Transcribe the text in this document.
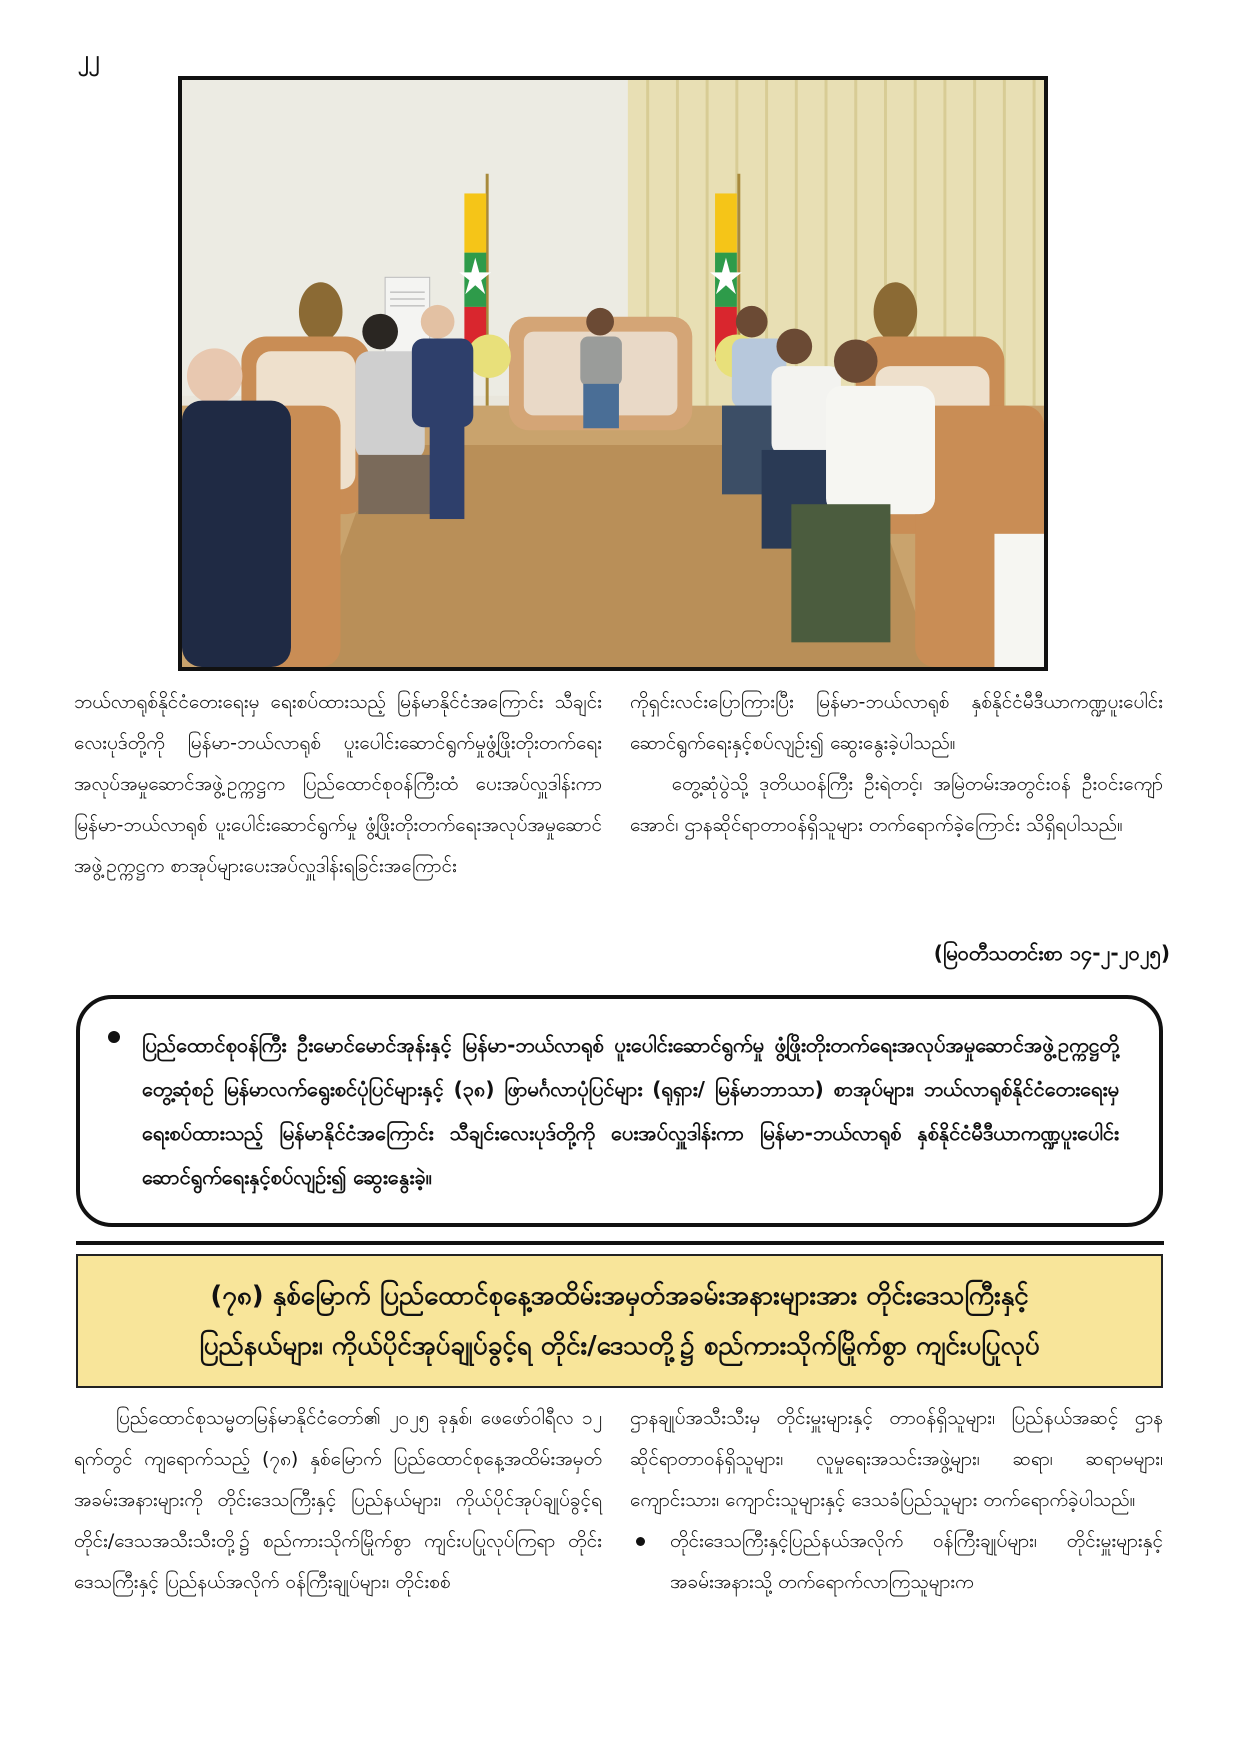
၂၂

ဘယ်လာရုစ်နိုင်ငံတေးရေးမှ ရေးစပ်ထားသည့် မြန်မာနိုင်ငံအကြောင်း သီချင်းလေးပုဒ်တို့ကို မြန်မာ-ဘယ်လာရုစ် ပူးပေါင်းဆောင်ရွက်မှုဖွံ့ဖြိုးတိုးတက်ရေး အလုပ်အမှုဆောင်အဖွဲ့ဥက္ကဋ္ဌက ပြည်ထောင်စုဝန်ကြီးထံ ပေးအပ်လှူဒါန်းကာ မြန်မာ-ဘယ်လာရုစ် ပူးပေါင်းဆောင်ရွက်မှု ဖွံ့ဖြိုးတိုးတက်ရေးအလုပ်အမှုဆောင်အဖွဲ့ဥက္ကဋ္ဌက စာအုပ်များပေးအပ်လှူဒါန်းရခြင်းအကြောင်း

ကိုရှင်းလင်းပြောကြားပြီး မြန်မာ-ဘယ်လာရုစ် နှစ်နိုင်ငံမီဒီယာကဏ္ဍပူးပေါင်းဆောင်ရွက်ရေးနှင့်စပ်လျဉ်း၍ ဆွေးနွေးခဲ့ပါသည်။

တွေ့ဆုံပွဲသို့ ဒုတိယဝန်ကြီး ဦးရဲတင့်၊ အမြဲတမ်းအတွင်းဝန် ဦးဝင်းကျော်အောင်၊ ဌာနဆိုင်ရာတာဝန်ရှိသူများ တက်ရောက်ခဲ့ကြောင်း သိရှိရပါသည်။

(မြဝတီသတင်းစာ ၁၄-၂-၂၀၂၅)

ပြည်ထောင်စုဝန်ကြီး ဦးမောင်မောင်အုန်းနှင့် မြန်မာ-ဘယ်လာရုစ် ပူးပေါင်းဆောင်ရွက်မှု ဖွံ့ဖြိုးတိုးတက်ရေးအလုပ်အမှုဆောင်အဖွဲ့ဥက္ကဋ္ဌတို့တွေ့ဆုံစဉ် မြန်မာလက်ရွေးစင်ပုံပြင်များနှင့် (၃၈) ဖြာမင်္ဂလာပုံပြင်များ (ရုရှား/ မြန်မာဘာသာ) စာအုပ်များ၊ ဘယ်လာရုစ်နိုင်ငံတေးရေးမှ ရေးစပ်ထားသည့် မြန်မာနိုင်ငံအကြောင်း သီချင်းလေးပုဒ်တို့ကို ပေးအပ်လှူဒါန်းကာ မြန်မာ-ဘယ်လာရုစ် နှစ်နိုင်ငံမီဒီယာကဏ္ဍပူးပေါင်းဆောင်ရွက်ရေးနှင့်စပ်လျဉ်း၍ ဆွေးနွေးခဲ့။

(၇၈) နှစ်မြောက် ပြည်ထောင်စုနေ့အထိမ်းအမှတ်အခမ်းအနားများအား တိုင်းဒေသကြီးနှင့်
ပြည်နယ်များ၊ ကိုယ်ပိုင်အုပ်ချုပ်ခွင့်ရ တိုင်း/ဒေသတို့၌ စည်ကားသိုက်မြိုက်စွာ ကျင်းပပြုလုပ်

ပြည်ထောင်စုသမ္မတမြန်မာနိုင်ငံတော်၏ ၂၀၂၅ ခုနှစ်၊ ဖေဖော်ဝါရီလ ၁၂ ရက်တွင် ကျရောက်သည့် (၇၈) နှစ်မြောက် ပြည်ထောင်စုနေ့အထိမ်းအမှတ်အခမ်းအနားများကို တိုင်းဒေသကြီးနှင့် ပြည်နယ်များ၊ ကိုယ်ပိုင်အုပ်ချုပ်ခွင့်ရ တိုင်း/ဒေသအသီးသီးတို့၌ စည်ကားသိုက်မြိုက်စွာ ကျင်းပပြုလုပ်ကြရာ တိုင်းဒေသကြီးနှင့် ပြည်နယ်အလိုက် ဝန်ကြီးချုပ်များ၊ တိုင်းစစ်

ဌာနချုပ်အသီးသီးမှ တိုင်းမှူးများနှင့် တာဝန်ရှိသူများ၊ ပြည်နယ်အဆင့် ဌာနဆိုင်ရာတာဝန်ရှိသူများ၊ လူမှုရေးအသင်းအဖွဲ့များ၊ ဆရာ၊ ဆရာမများ၊ ကျောင်းသား၊ ကျောင်းသူများနှင့် ဒေသခံပြည်သူများ တက်ရောက်ခဲ့ပါသည်။

တိုင်းဒေသကြီးနှင့်ပြည်နယ်အလိုက် ဝန်ကြီးချုပ်များ၊ တိုင်းမှူးများနှင့် အခမ်းအနားသို့ တက်ရောက်လာကြသူများက
